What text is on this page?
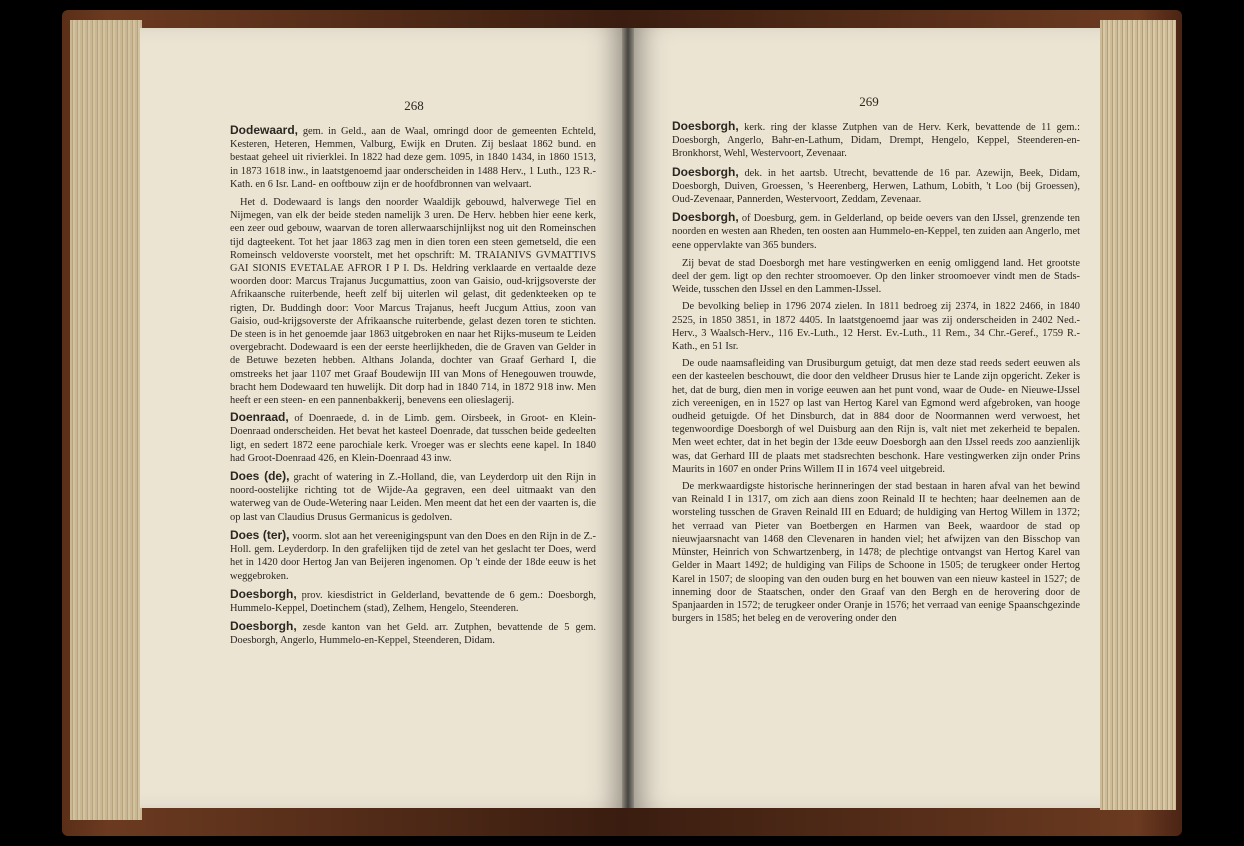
268

Dodewaard, gem. in Geld., aan de Waal, omringd door de gemeenten Echteld, Kesteren, Heteren, Hemmen, Valburg, Ewijk en Druten. Zij beslaat 1862 bund. en bestaat geheel uit rivierklei. In 1822 had deze gem. 1095, in 1840 1434, in 1860 1513, in 1873 1618 inw., in laatstgenoemd jaar onderscheiden in 1488 Herv., 1 Luth., 123 R.-Kath. en 6 Isr. Land- en ooftbouw zijn er de hoofdbronnen van welvaart.

Het d. Dodewaard is langs den noorder Waaldijk gebouwd, halverwege Tiel en Nijmegen, van elk der beide steden namelijk 3 uren. De Herv. hebben hier eene kerk, een zeer oud gebouw, waarvan de toren allerwaarschijnlijkst nog uit den Romeinschen tijd dagteekent. Tot het jaar 1863 zag men in dien toren een steen gemetseld, die een Romeinsch veldoverste voorstelt, met het opschrift: M. TRAIANIVS GVMATTIVS GAI SIONIS EVETALAE AFROR I P I. Ds. Heldring verklaarde en vertaalde deze woorden door: Marcus Trajanus Jucgumattius, zoon van Gaisio, oud-krijgsoverste der Afrikaansche ruiterbende, heeft zelf bij uiterlen wil gelast, dit gedenkteeken op te rigten, Dr. Buddingh door: Voor Marcus Trajanus, heeft Jucgum Attius, zoon van Gaisio, oud-krijgsoverste der Afrikaansche ruiterbende, gelast dezen toren te stichten. De steen is in het genoemde jaar 1863 uitgebroken en naar het Rijks-museum te Leiden overgebracht. Dodewaard is een der eerste heerlijkheden, die de Graven van Gelder in de Betuwe bezeten hebben. Althans Jolanda, dochter van Graaf Gerhard I, die omstreeks het jaar 1107 met Graaf Boudewijn III van Mons of Henegouwen trouwde, bracht hem Dodewaard ten huwelijk. Dit dorp had in 1840 714, in 1872 918 inw. Men heeft er een steen- en een pannenbakkerij, benevens een olieslagerij.

Doenraad, of Doenraede, d. in de Limb. gem. Oirsbeek, in Groot- en Klein-Doenraad onderscheiden. Het bevat het kasteel Doenrade, dat tusschen beide gedeelten ligt, en sedert 1872 eene parochiale kerk. Vroeger was er slechts eene kapel. In 1840 had Groot-Doenraad 426, en Klein-Doenraad 43 inw.

Does (de), gracht of watering in Z.-Holland, die, van Leyderdorp uit den Rijn in noord-oostelijke richting tot de Wijde-Aa gegraven, een deel uitmaakt van den waterweg van de Oude-Wetering naar Leiden. Men meent dat het een der vaarten is, die op last van Claudius Drusus Germanicus is gedolven.

Does (ter), voorm. slot aan het vereenigingspunt van den Does en den Rijn in de Z.-Holl. gem. Leyderdorp. In den grafelijken tijd de zetel van het geslacht ter Does, werd het in 1420 door Hertog Jan van Beijeren ingenomen. Op 't einde der 18de eeuw is het weggebroken.

Doesborgh, prov. kiesdistrict in Gelderland, bevattende de 6 gem.: Doesborgh, Hummelo-Keppel, Doetinchem (stad), Zelhem, Hengelo, Steenderen.

Doesborgh, zesde kanton van het Geld. arr. Zutphen, bevattende de 5 gem. Doesborgh, Angerlo, Hummelo-en-Keppel, Steenderen, Didam.

269

Doesborgh, kerk. ring der klasse Zutphen van de Herv. Kerk, bevattende de 11 gem.: Doesborgh, Angerlo, Bahr-en-Lathum, Didam, Drempt, Hengelo, Keppel, Steenderen-en-Bronkhorst, Wehl, Westervoort, Zevenaar.

Doesborgh, dek. in het aartsb. Utrecht, bevattende de 16 par. Azewijn, Beek, Didam, Doesborgh, Duiven, Groessen, 's Heerenberg, Herwen, Lathum, Lobith, 't Loo (bij Groessen), Oud-Zevenaar, Pannerden, Westervoort, Zeddam, Zevenaar.

Doesborgh, of Doesburg, gem. in Gelderland, op beide oevers van den IJssel, grenzende ten noorden en westen aan Rheden, ten oosten aan Hummelo-en-Keppel, ten zuiden aan Angerlo, met eene oppervlakte van 365 bunders.

Zij bevat de stad Doesborgh met hare vestingwerken en eenig omliggend land. Het grootste deel der gem. ligt op den rechter stroomoever. Op den linker stroomoever vindt men de Stads-Weide, tusschen den IJssel en den Lammen-IJssel.

De bevolking beliep in 1796 2074 zielen. In 1811 bedroeg zij 2374, in 1822 2466, in 1840 2525, in 1850 3851, in 1872 4405. In laatstgenoemd jaar was zij onderscheiden in 2402 Ned.-Herv., 3 Waalsch-Herv., 116 Ev.-Luth., 12 Herst. Ev.-Luth., 11 Rem., 34 Chr.-Geref., 1759 R.-Kath., en 51 Isr.

De oude naamsafleiding van Drusiburgum getuigt, dat men deze stad reeds sedert eeuwen als een der kasteelen beschouwt, die door den veldheer Drusus hier te Lande zijn opgericht. Zeker is het, dat de burg, dien men in vorige eeuwen aan het punt vond, waar de Oude- en Nieuwe-IJssel zich vereenigen, en in 1527 op last van Hertog Karel van Egmond werd afgebroken, van hooge oudheid getuigde. Of het Dinsburch, dat in 884 door de Noormannen werd verwoest, het tegenwoordige Doesborgh of wel Duisburg aan den Rijn is, valt niet met zekerheid te bepalen. Men weet echter, dat in het begin der 13de eeuw Doesborgh aan den IJssel reeds zoo aanzienlijk was, dat Gerhard III de plaats met stadsrechten beschonk. Hare vestingwerken zijn onder Prins Maurits in 1607 en onder Prins Willem II in 1674 veel uitgebreid.

De merkwaardigste historische herinneringen der stad bestaan in haren afval van het bewind van Reinald I in 1317, om zich aan diens zoon Reinald II te hechten; haar deelnemen aan de worsteling tusschen de Graven Reinald III en Eduard; de huldiging van Hertog Willem in 1372; het verraad van Pieter van Boetbergen en Harmen van Beek, waardoor de stad op nieuwjaarsnacht van 1468 den Clevenaren in handen viel; het afwijzen van den Bisschop van Münster, Heinrich von Schwartzenberg, in 1478; de plechtige ontvangst van Hertog Karel van Gelder in Maart 1492; de huldiging van Filips de Schoone in 1505; de terugkeer onder Hertog Karel in 1507; de slooping van den ouden burg en het bouwen van een nieuw kasteel in 1527; de inneming door de Staatschen, onder den Graaf van den Bergh en de herovering door de Spanjaarden in 1572; de terugkeer onder Oranje in 1576; het verraad van eenige Spaanschgezinde burgers in 1585; het beleg en de verovering onder den
